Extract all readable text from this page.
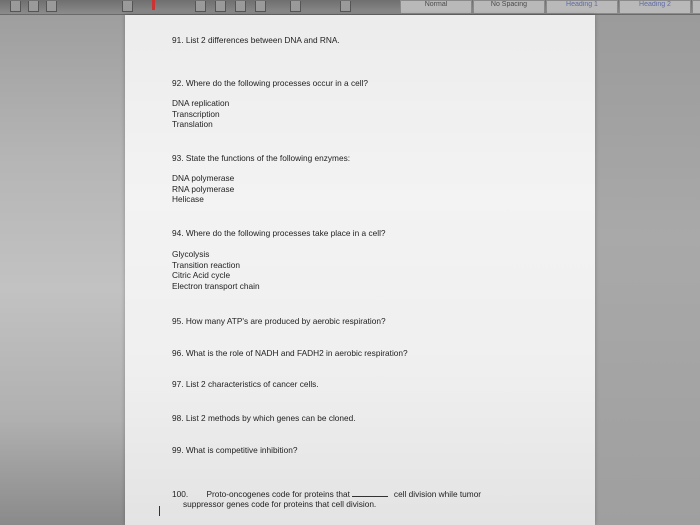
Normal	No Spacing	Heading 1	Heading 2
91. List 2 differences between DNA and RNA.
92. Where do the following processes occur in a cell?
DNA replication
Transcription
Translation
93. State the functions of the following enzymes:
DNA polymerase
RNA polymerase
Helicase
94. Where do the following processes take place in a cell?
Glycolysis
Transition reaction
Citric Acid cycle
Electron transport chain
95. How many ATP's are produced by aerobic respiration?
96. What is the role of NADH and FADH2 in aerobic respiration?
97. List 2 characteristics of cancer cells.
98. List 2 methods by which genes can be cloned.
99. What is competitive inhibition?
100. Proto-oncogenes code for proteins that	cell division while tumor
suppressor genes code for proteins that cell division.
